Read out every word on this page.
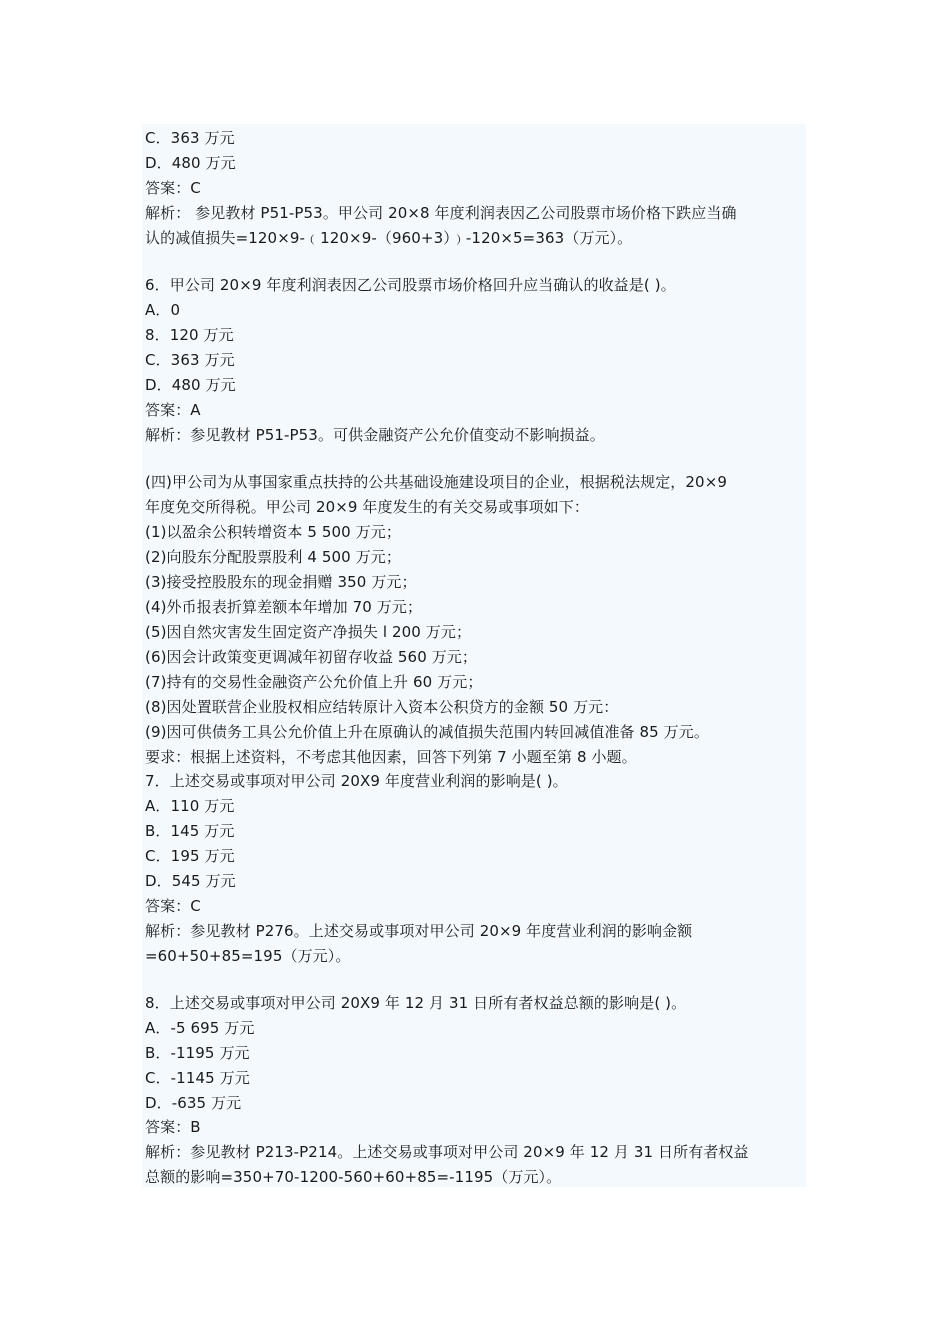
C．363 万元
D．480 万元
答案：C
解析： 参见教材 P51-P53。甲公司 20×8 年度利润表因乙公司股票市场价格下跌应当确
认的减值损失=120×9-﹙120×9-（960+3）﹚-120×5=363（万元）。
6．甲公司 20×9 年度利润表因乙公司股票市场价格回升应当确认的收益是( )。
A．0
8．120 万元
C．363 万元
D．480 万元
答案：A
解析：参见教材 P51-P53。可供金融资产公允价值变动不影响损益。
(四)甲公司为从事国家重点扶持的公共基础设施建设项目的企业，根据税法规定，20×9
年度免交所得税。甲公司 20×9 年度发生的有关交易或事项如下：
(1)以盈余公积转增资本 5 500 万元；
(2)向股东分配股票股利 4 500 万元；
(3)接受控股股东的现金捐赠 350 万元；
(4)外币报表折算差额本年增加 70 万元；
(5)因自然灾害发生固定资产净损失 l 200 万元；
(6)因会计政策变更调减年初留存收益 560 万元；
(7)持有的交易性金融资产公允价值上升 60 万元；
(8)因处置联营企业股权相应结转原计入资本公积贷方的金额 50 万元：
(9)因可供债务工具公允价值上升在原确认的减值损失范围内转回减值准备 85 万元。
要求：根据上述资料，不考虑其他因素，回答下列第 7 小题至第 8 小题。
7．上述交易或事项对甲公司 20X9 年度营业利润的影响是( )。
A．110 万元
B．145 万元
C．195 万元
D．545 万元
答案：C
解析：参见教材 P276。上述交易或事项对甲公司 20×9 年度营业利润的影响金额
=60+50+85=195（万元）。
8．上述交易或事项对甲公司 20X9 年 12 月 31 日所有者权益总额的影响是( )。
A．-5 695 万元
B．-1195 万元
C．-1145 万元
D．-635 万元
答案：B
解析：参见教材 P213-P214。上述交易或事项对甲公司 20×9 年 12 月 31 日所有者权益
总额的影响=350+70-1200-560+60+85=-1195（万元）。
